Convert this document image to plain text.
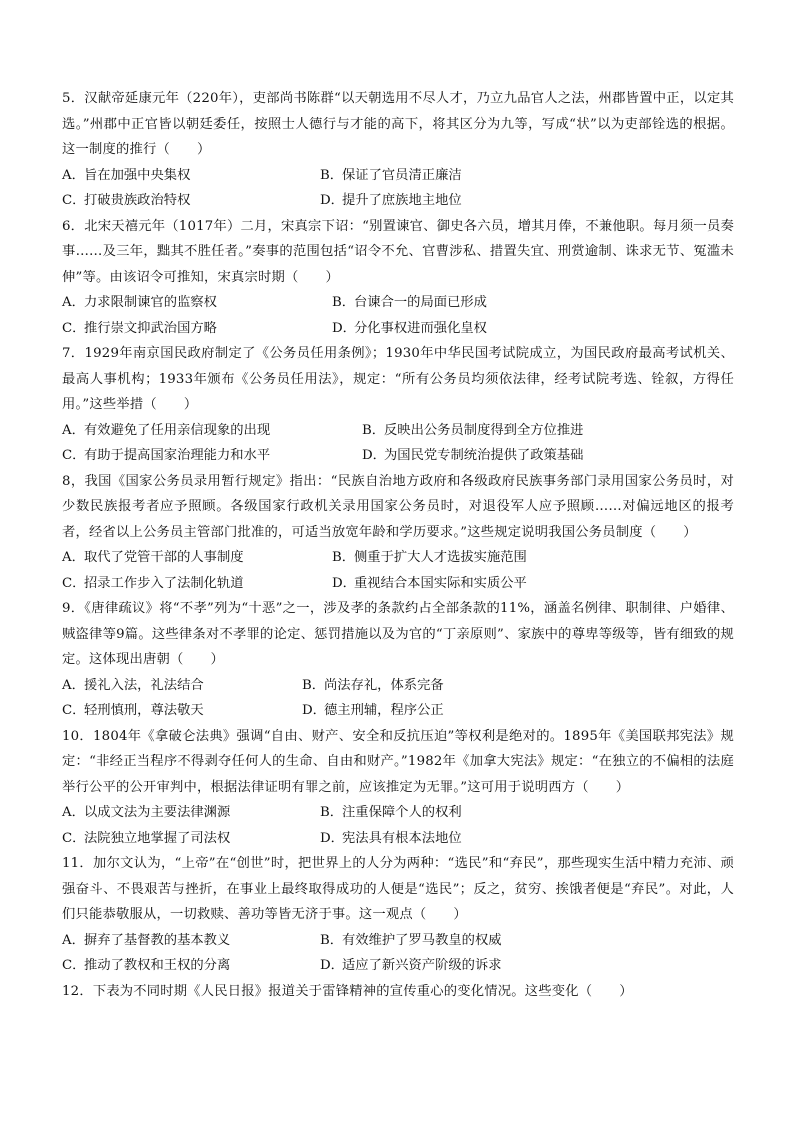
5．汉献帝延康元年（220年），吏部尚书陈群“以天朝选用不尽人才，乃立九品官人之法，州郡皆置中正，以定其选。”州郡中正官皆以朝廷委任，按照士人德行与才能的高下，将其区分为九等，写成“状”以为吏部铨选的根据。这一制度的推行（　　）

A．旨在加强中央集权	B．保证了官员清正廉洁
C．打破贵族政治特权	D．提升了庶族地主地位

6．北宋天禧元年（1017年）二月，宋真宗下诏：“别置谏官、御史各六员，增其月俸，不兼他职。每月须一员奏事……及三年，黜其不胜任者。”奏事的范围包括“诏令不允、官曹涉私、措置失宜、刑赏逾制、诛求无节、冤滥未伸”等。由该诏令可推知，宋真宗时期（　　）

A．力求限制谏官的监察权	B．台谏合一的局面已形成
C．推行崇文抑武治国方略	D．分化事权进而强化皇权

7．1929年南京国民政府制定了《公务员任用条例》；1930年中华民国考试院成立，为国民政府最高考试机关、最高人事机构；1933年颁布《公务员任用法》，规定：“所有公务员均须依法律，经考试院考选、铨叙，方得任用。”这些举措（　　）

A．有效避免了任用亲信现象的出现	B．反映出公务员制度得到全方位推进
C．有助于提高国家治理能力和水平	D．为国民党专制统治提供了政策基础

8，我国《国家公务员录用暂行规定》指出：“民族自治地方政府和各级政府民族事务部门录用国家公务员时，对少数民族报考者应予照顾。各级国家行政机关录用国家公务员时，对退役军人应予照顾……对偏远地区的报考者，经省以上公务员主管部门批准的，可适当放宽年龄和学历要求。”这些规定说明我国公务员制度（　　）

A．取代了党管干部的人事制度	B．侧重于扩大人才选拔实施范围
C．招录工作步入了法制化轨道	D．重视结合本国实际和实质公平

9．《唐律疏议》将“不孝”列为“十恶”之一，涉及孝的条款约占全部条款的11%，涵盖名例律、职制律、户婚律、贼盗律等9篇。这些律条对不孝罪的论定、惩罚措施以及为官的“丁亲原则”、家族中的尊卑等级等，皆有细致的规定。这体现出唐朝（　　）

A．援礼入法，礼法结合	B．尚法存礼，体系完备
C．轻刑慎刑，尊法敬天	D．德主刑辅，程序公正

10．1804年《拿破仑法典》强调“自由、财产、安全和反抗压迫”等权利是绝对的。1895年《美国联邦宪法》规定：“非经正当程序不得剥夺任何人的生命、自由和财产。”1982年《加拿大宪法》规定：“在独立的不偏相的法庭举行公平的公开审判中，根据法律证明有罪之前，应该推定为无罪。”这可用于说明西方（　　）

A．以成文法为主要法律渊源	B．注重保障个人的权利
C．法院独立地掌握了司法权	D．宪法具有根本法地位

11．加尔文认为，“上帝”在“创世”时，把世界上的人分为两种：“选民”和“弃民”，那些现实生活中精力充沛、顽强奋斗、不畏艰苦与挫折，在事业上最终取得成功的人便是“选民”；反之，贫穷、挨饿者便是“弃民”。对此，人们只能恭敬服从，一切救赎、善功等皆无济于事。这一观点（　　）

A．摒弃了基督教的基本教义	B．有效维护了罗马教皇的权威
C．推动了教权和王权的分离	D．适应了新兴资产阶级的诉求

12．下表为不同时期《人民日报》报道关于雷锋精神的宣传重心的变化情况。这些变化（　　）
